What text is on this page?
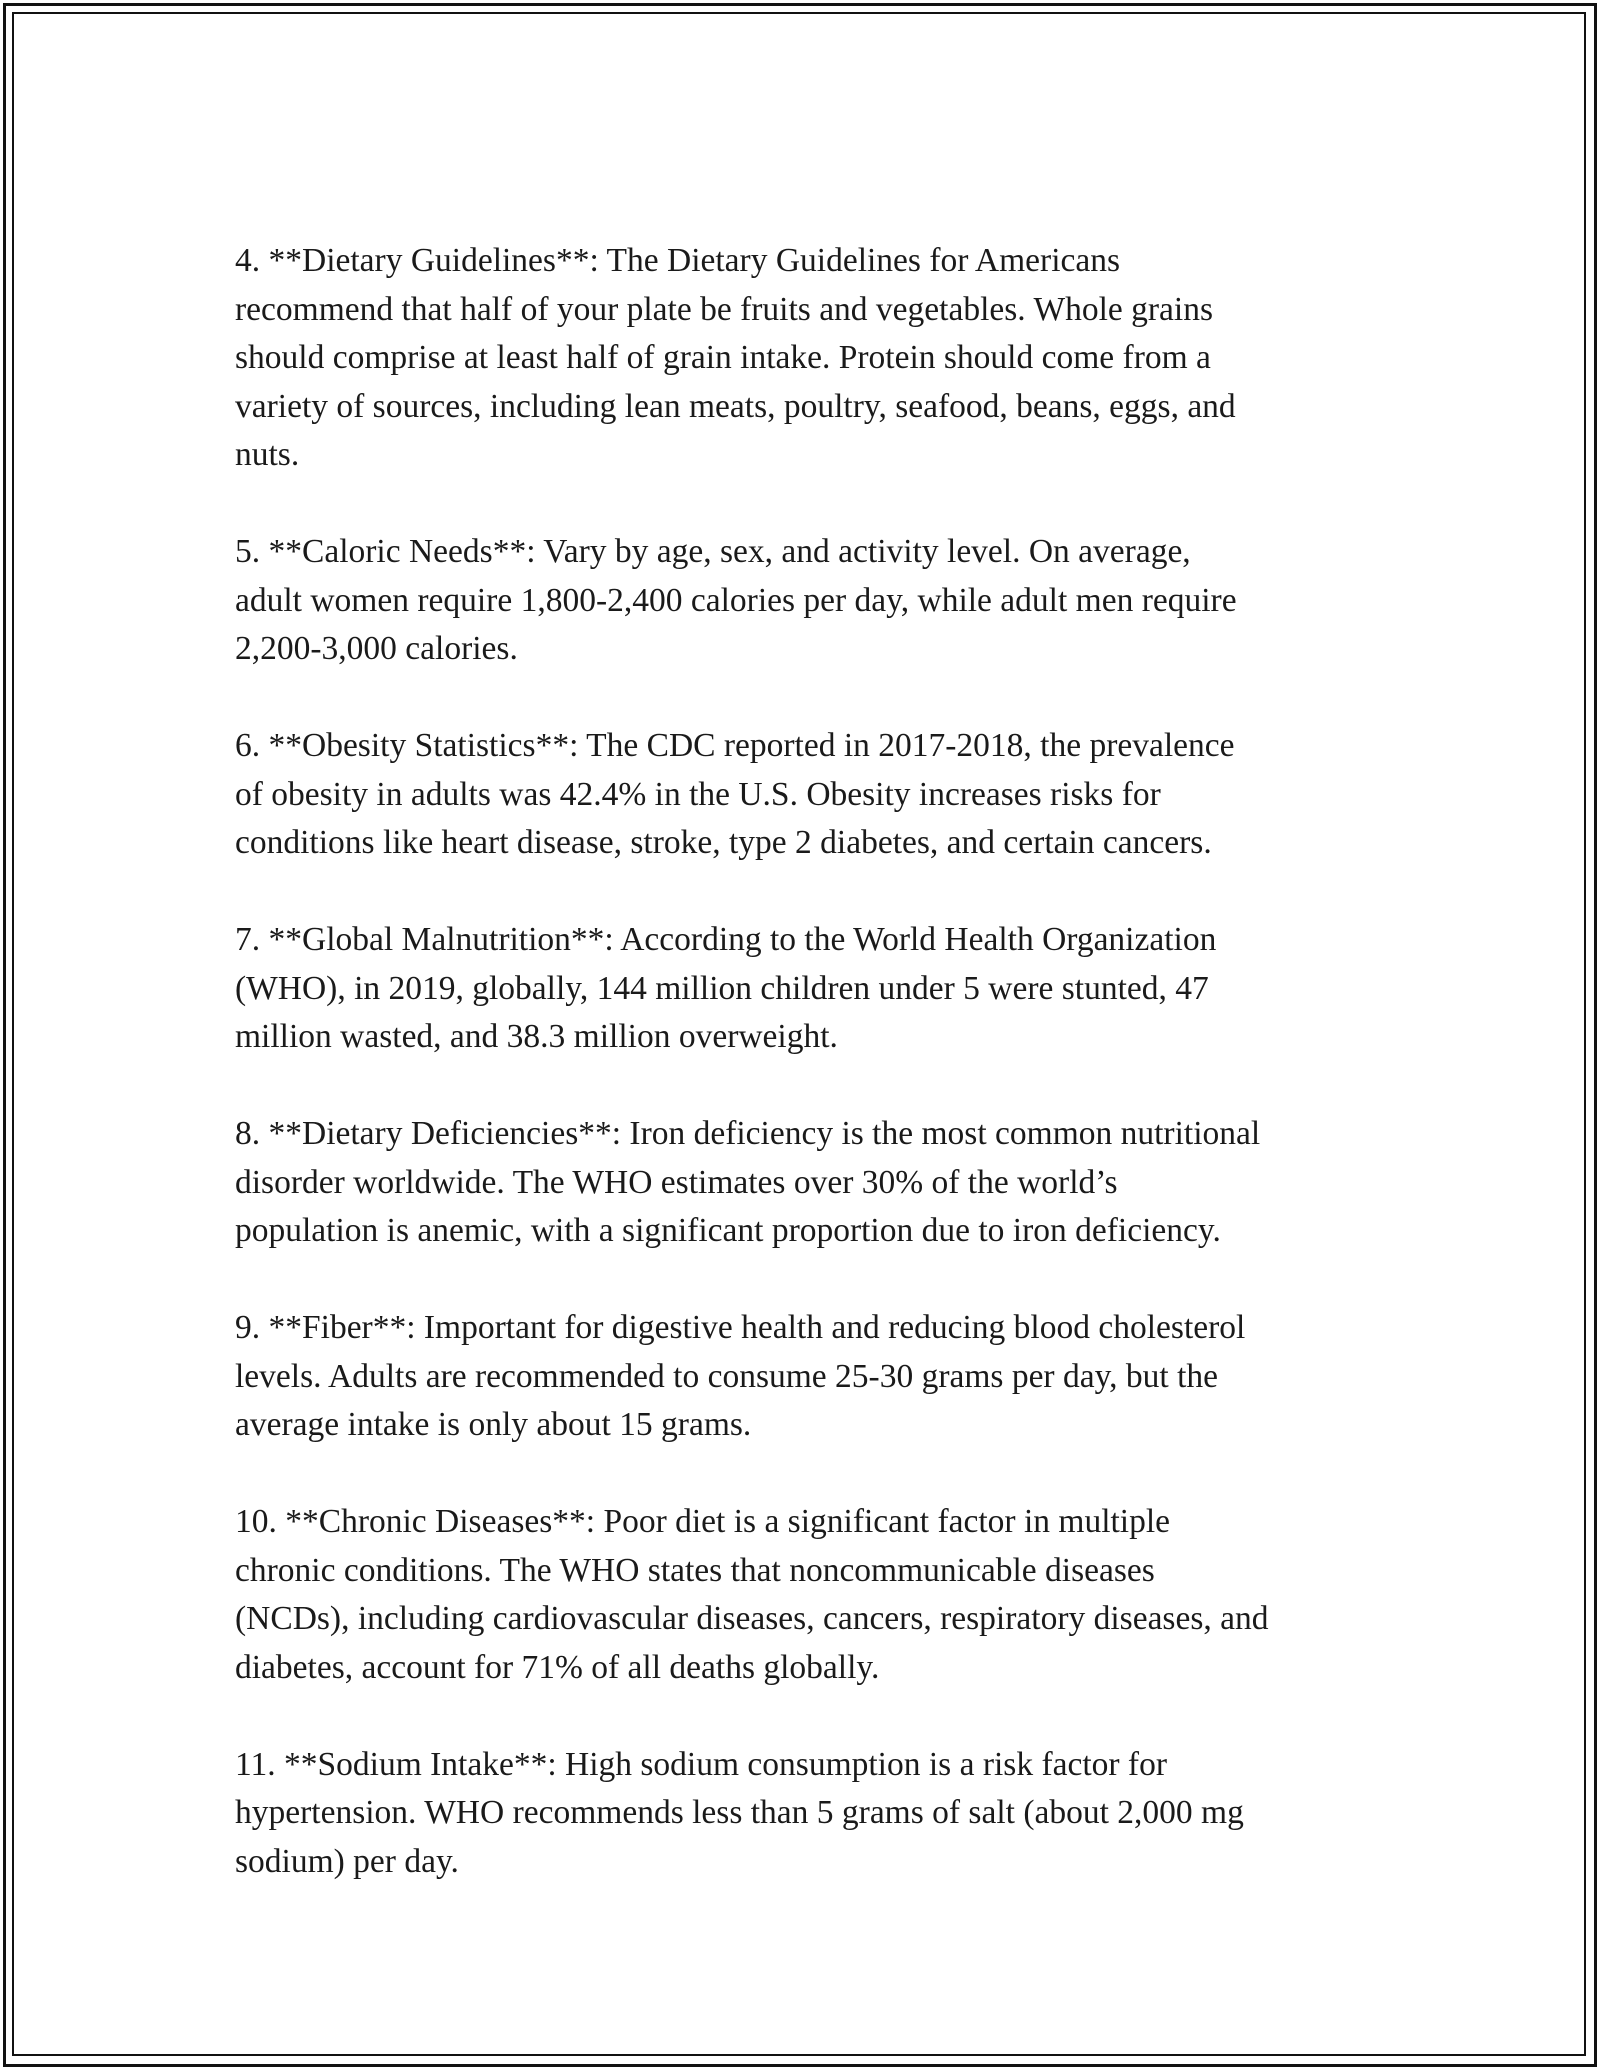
4. **Dietary Guidelines**: The Dietary Guidelines for Americans
recommend that half of your plate be fruits and vegetables. Whole grains
should comprise at least half of grain intake. Protein should come from a
variety of sources, including lean meats, poultry, seafood, beans, eggs, and
nuts.
5. **Caloric Needs**: Vary by age, sex, and activity level. On average,
adult women require 1,800-2,400 calories per day, while adult men require
2,200-3,000 calories.
6. **Obesity Statistics**: The CDC reported in 2017-2018, the prevalence
of obesity in adults was 42.4% in the U.S. Obesity increases risks for
conditions like heart disease, stroke, type 2 diabetes, and certain cancers.
7. **Global Malnutrition**: According to the World Health Organization
(WHO), in 2019, globally, 144 million children under 5 were stunted, 47
million wasted, and 38.3 million overweight.
8. **Dietary Deficiencies**: Iron deficiency is the most common nutritional
disorder worldwide. The WHO estimates over 30% of the world’s
population is anemic, with a significant proportion due to iron deficiency.
9. **Fiber**: Important for digestive health and reducing blood cholesterol
levels. Adults are recommended to consume 25-30 grams per day, but the
average intake is only about 15 grams.
10. **Chronic Diseases**: Poor diet is a significant factor in multiple
chronic conditions. The WHO states that noncommunicable diseases
(NCDs), including cardiovascular diseases, cancers, respiratory diseases, and
diabetes, account for 71% of all deaths globally.
11. **Sodium Intake**: High sodium consumption is a risk factor for
hypertension. WHO recommends less than 5 grams of salt (about 2,000 mg
sodium) per day.
